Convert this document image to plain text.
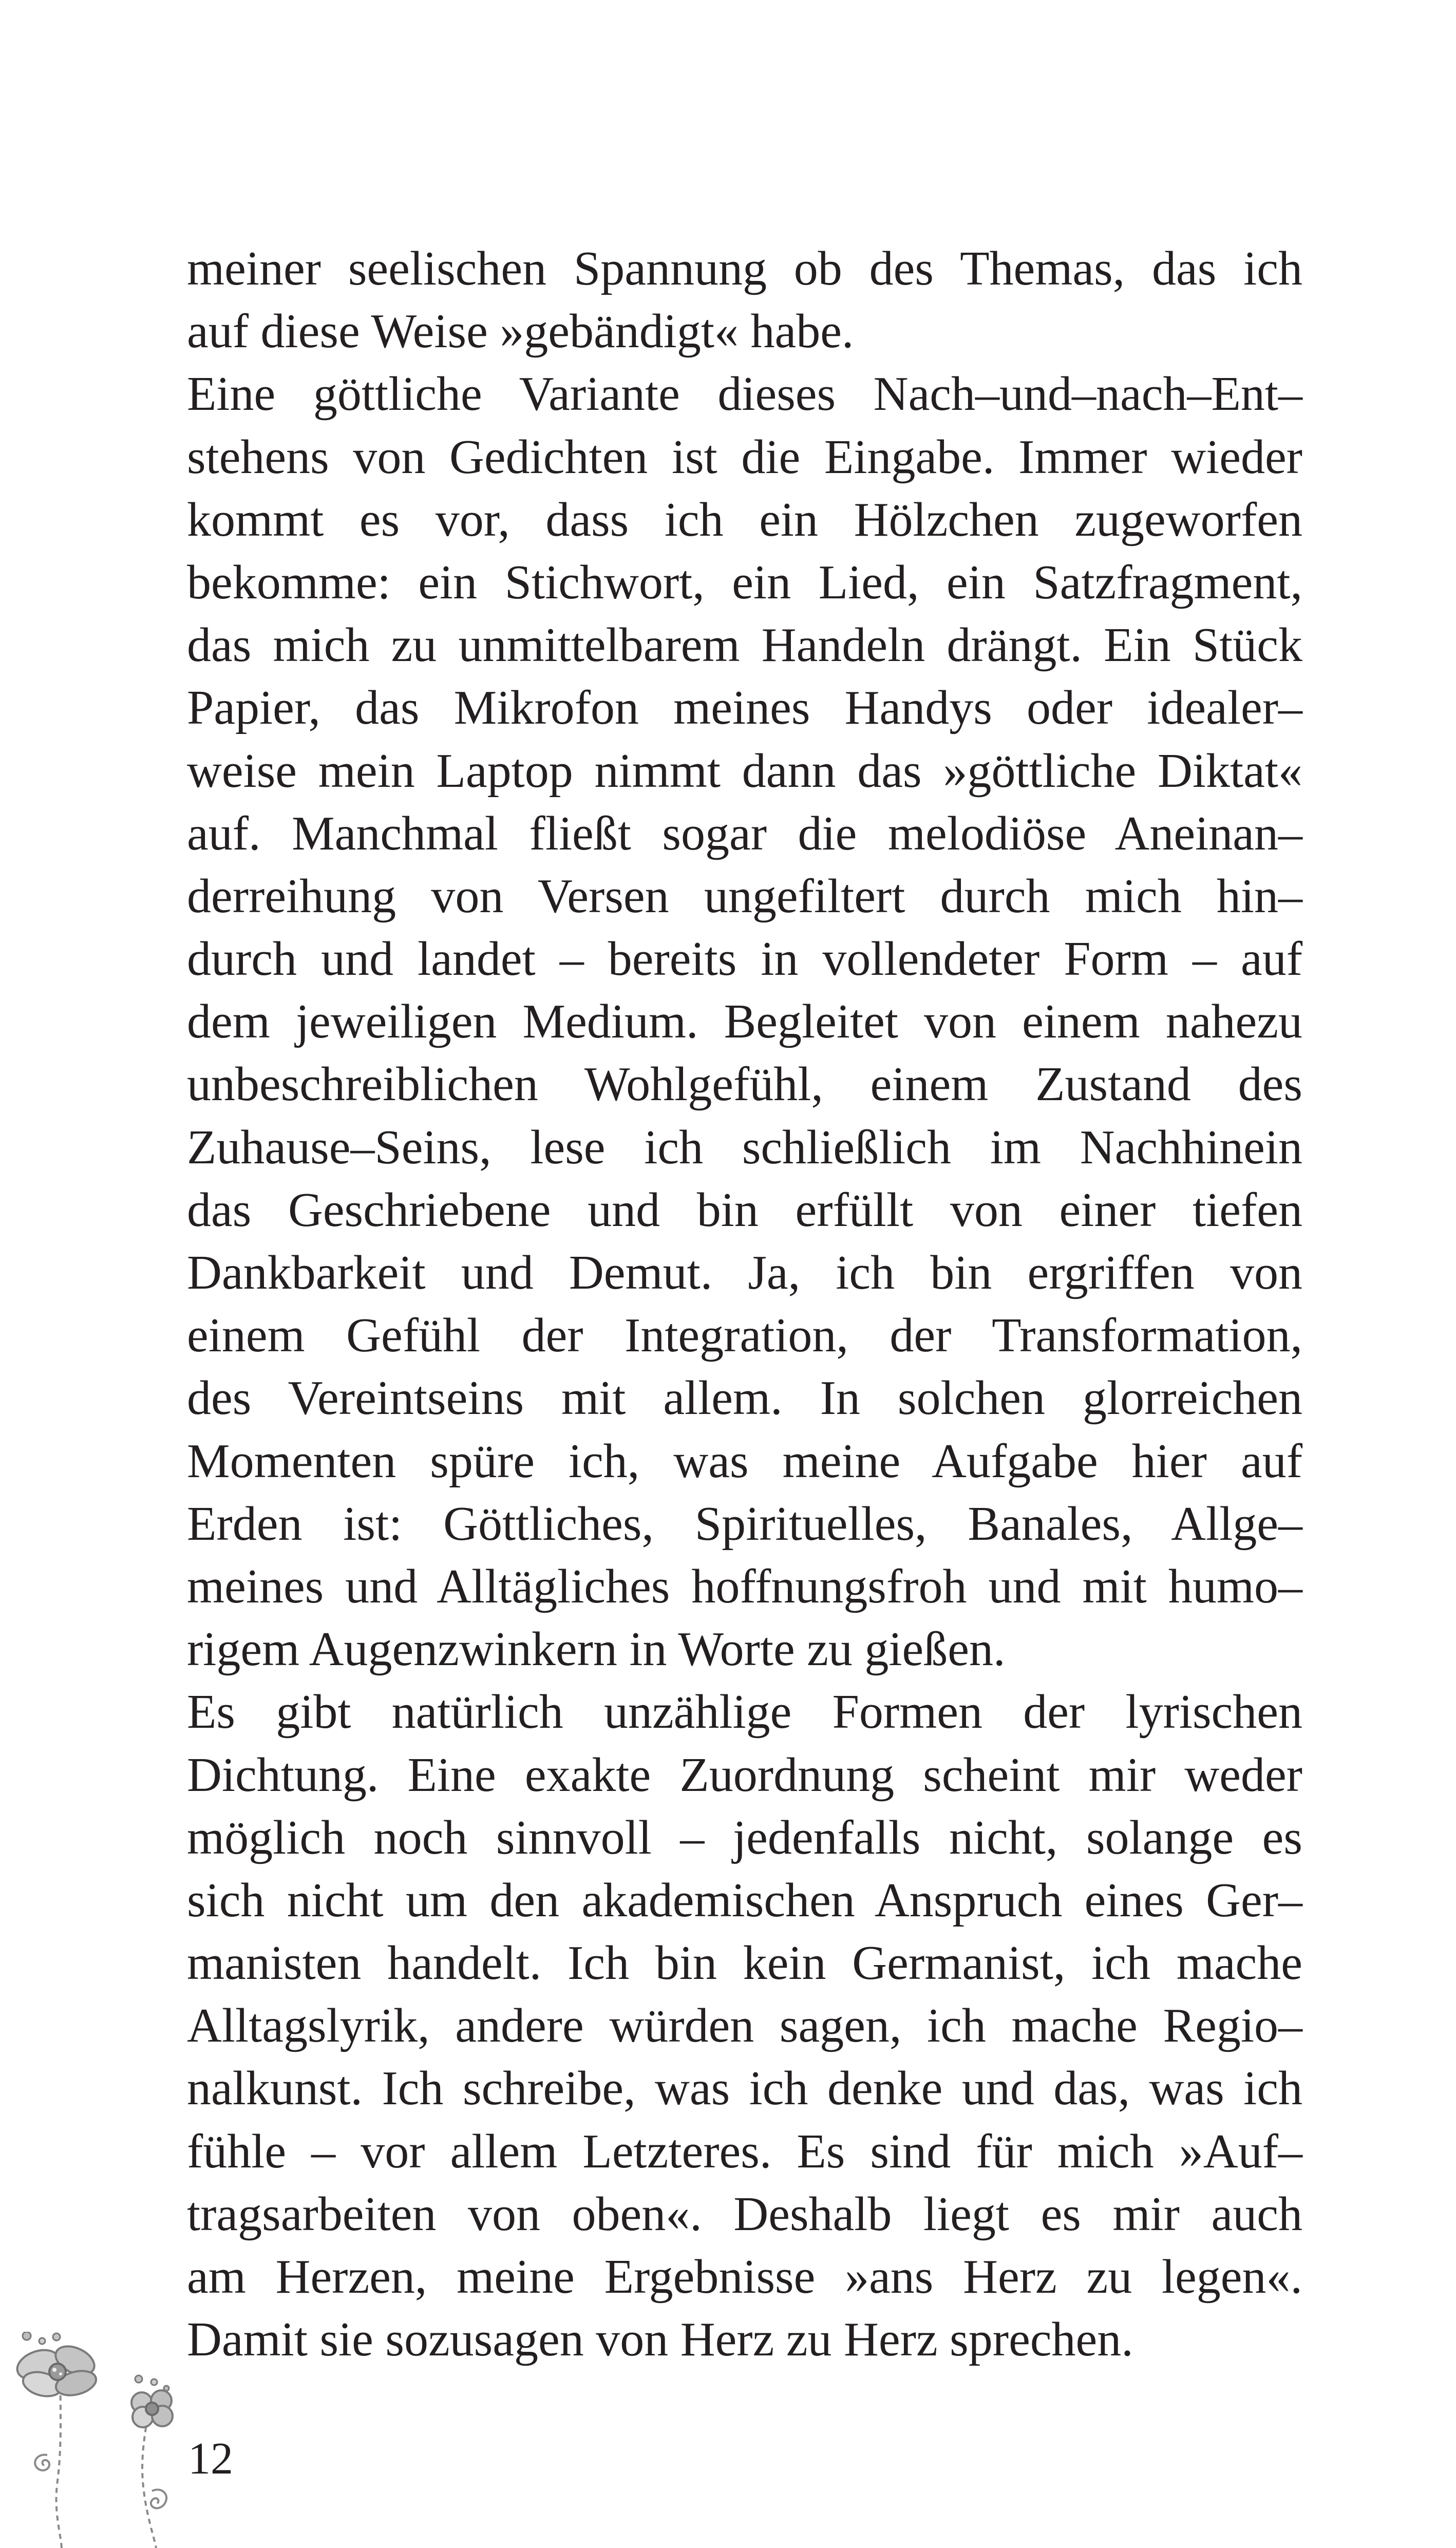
meiner seelischen Spannung ob des Themas, das ich
auf diese Weise »gebändigt« habe.
Eine göttliche Variante dieses Nach–und–nach–Ent–
stehens von Gedichten ist die Eingabe. Immer wieder
kommt es vor, dass ich ein Hölzchen zugeworfen
bekomme: ein Stichwort, ein Lied, ein Satzfragment,
das mich zu unmittelbarem Handeln drängt. Ein Stück
Papier, das Mikrofon meines Handys oder idealer–
weise mein Laptop nimmt dann das »göttliche Diktat«
auf. Manchmal fließt sogar die melodiöse Aneinan–
derreihung von Versen ungefiltert durch mich hin–
durch und landet – bereits in vollendeter Form – auf
dem jeweiligen Medium. Begleitet von einem nahezu
unbeschreiblichen Wohlgefühl, einem Zustand des
Zuhause–Seins, lese ich schließlich im Nachhinein
das Geschriebene und bin erfüllt von einer tiefen
Dankbarkeit und Demut. Ja, ich bin ergriffen von
einem Gefühl der Integration, der Transformation,
des Vereintseins mit allem. In solchen glorreichen
Momenten spüre ich, was meine Aufgabe hier auf
Erden ist: Göttliches, Spirituelles, Banales, Allge–
meines und Alltägliches hoffnungsfroh und mit humo–
rigem Augenzwinkern in Worte zu gießen.
Es gibt natürlich unzählige Formen der lyrischen
Dichtung. Eine exakte Zuordnung scheint mir weder
möglich noch sinnvoll – jedenfalls nicht, solange es
sich nicht um den akademischen Anspruch eines Ger–
manisten handelt. Ich bin kein Germanist, ich mache
Alltagslyrik, andere würden sagen, ich mache Regio–
nalkunst. Ich schreibe, was ich denke und das, was ich
fühle – vor allem Letzteres. Es sind für mich »Auf–
tragsarbeiten von oben«. Deshalb liegt es mir auch
am Herzen, meine Ergebnisse »ans Herz zu legen«.
Damit sie sozusagen von Herz zu Herz sprechen.
12
